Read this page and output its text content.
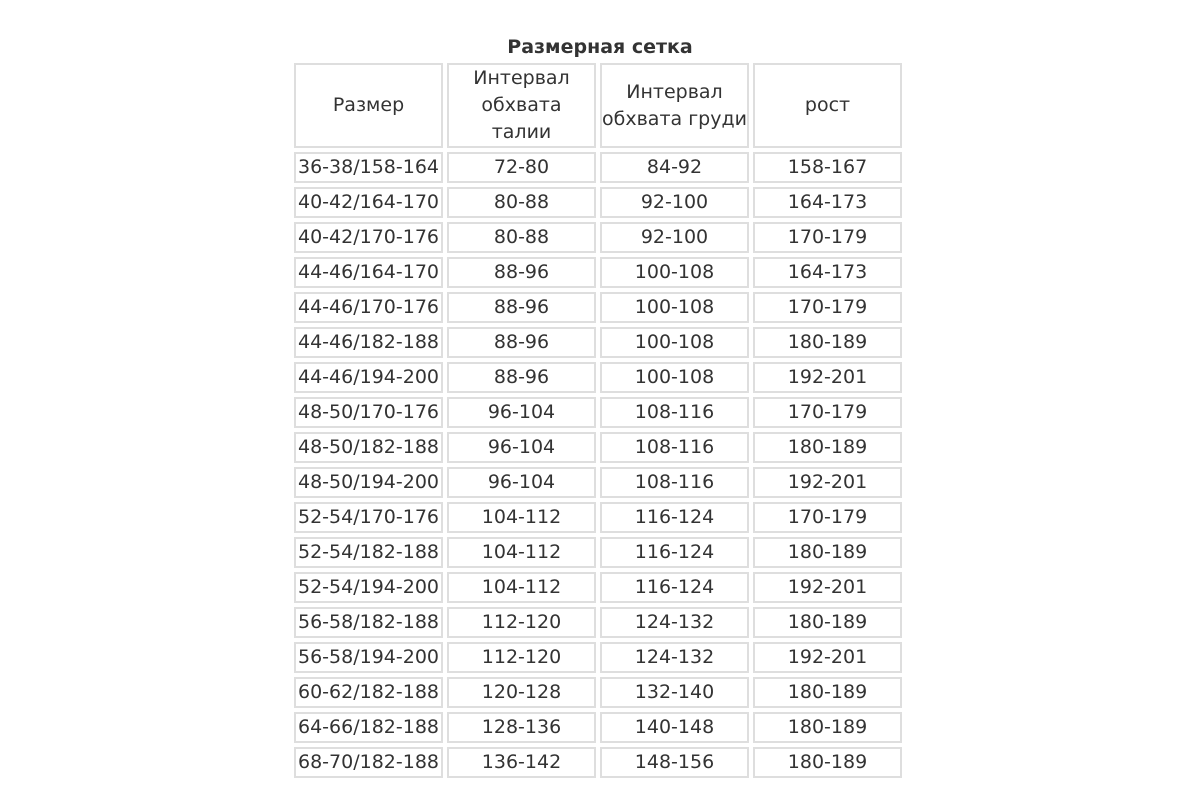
Размерная сетка
Размер	Интервал обхвата талии	Интервал обхвата груди	рост
36-38/158-164	72-80	84-92	158-167
40-42/164-170	80-88	92-100	164-173
40-42/170-176	80-88	92-100	170-179
44-46/164-170	88-96	100-108	164-173
44-46/170-176	88-96	100-108	170-179
44-46/182-188	88-96	100-108	180-189
44-46/194-200	88-96	100-108	192-201
48-50/170-176	96-104	108-116	170-179
48-50/182-188	96-104	108-116	180-189
48-50/194-200	96-104	108-116	192-201
52-54/170-176	104-112	116-124	170-179
52-54/182-188	104-112	116-124	180-189
52-54/194-200	104-112	116-124	192-201
56-58/182-188	112-120	124-132	180-189
56-58/194-200	112-120	124-132	192-201
60-62/182-188	120-128	132-140	180-189
64-66/182-188	128-136	140-148	180-189
68-70/182-188	136-142	148-156	180-189
